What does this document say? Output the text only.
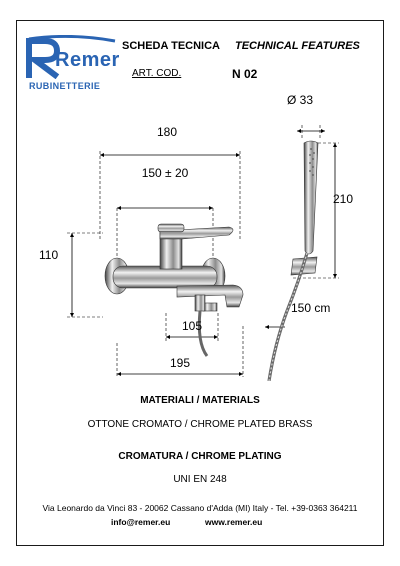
Remer
RUBINETTERIE
SCHEDA TECNICA TECHNICAL FEATURES
ART. COD.	N 02
Ø 33
180
150 ± 20
110
210
150 cm
105
195
MATERIALI / MATERIALS
OTTONE CROMATO / CHROME PLATED BRASS
CROMATURA / CHROME PLATING
UNI EN 248
Via Leonardo da Vinci 83 - 20062 Cassano d'Adda (MI) Italy - Tel. +39-0363 364211
info@remer.eu	www.remer.eu
